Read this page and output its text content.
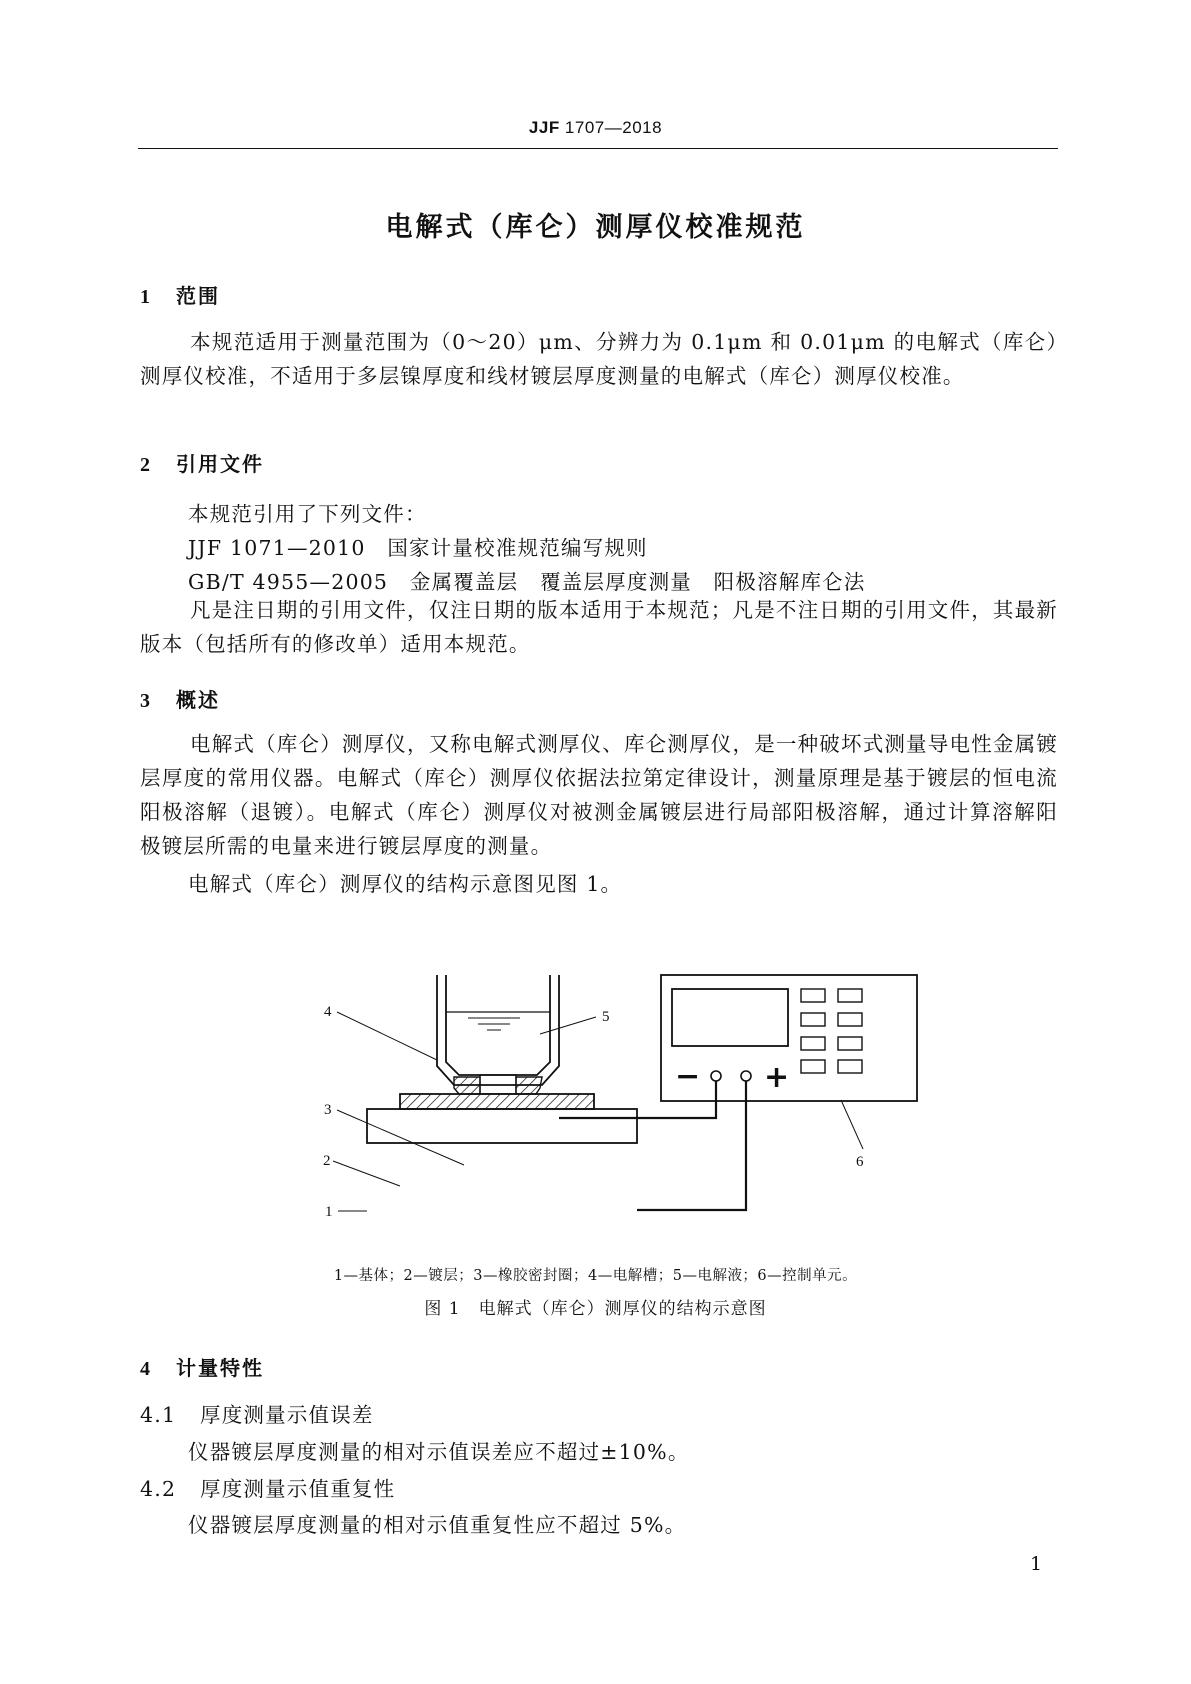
JJF 1707—2018
电解式（库仑）测厚仪校准规范
1 范围

本规范适用于测量范围为（0～20）μm、分辨力为 0.1μm 和 0.01μm 的电解式（库仑）测厚仪校准，不适用于多层镍厚度和线材镀层厚度测量的电解式（库仑）测厚仪校准。

2 引用文件
本规范引用了下列文件：
JJF 1071—2010　国家计量校准规范编写规则
GB/T 4955—2005　金属覆盖层　覆盖层厚度测量　阳极溶解库仑法

凡是注日期的引用文件，仅注日期的版本适用于本规范；凡是不注日期的引用文件，其最新版本（包括所有的修改单）适用本规范。

3 概述

电解式（库仑）测厚仪，又称电解式测厚仪、库仑测厚仪，是一种破坏式测量导电性金属镀层厚度的常用仪器。电解式（库仑）测厚仪依据法拉第定律设计，测量原理是基于镀层的恒电流阳极溶解（退镀）。电解式（库仑）测厚仪对被测金属镀层进行局部阳极溶解，通过计算溶解阳极镀层所需的电量来进行镀层厚度的测量。

电解式（库仑）测厚仪的结构示意图见图 1。
4	5
3
2
1
6
− +
1—基体；2—镀层；3—橡胶密封圈；4—电解槽；5—电解液；6—控制单元。
图 1　电解式（库仑）测厚仪的结构示意图
4 计量特性
4.1 厚度测量示值误差
仪器镀层厚度测量的相对示值误差应不超过±10%。
4.2 厚度测量示值重复性
仪器镀层厚度测量的相对示值重复性应不超过 5%。
1
